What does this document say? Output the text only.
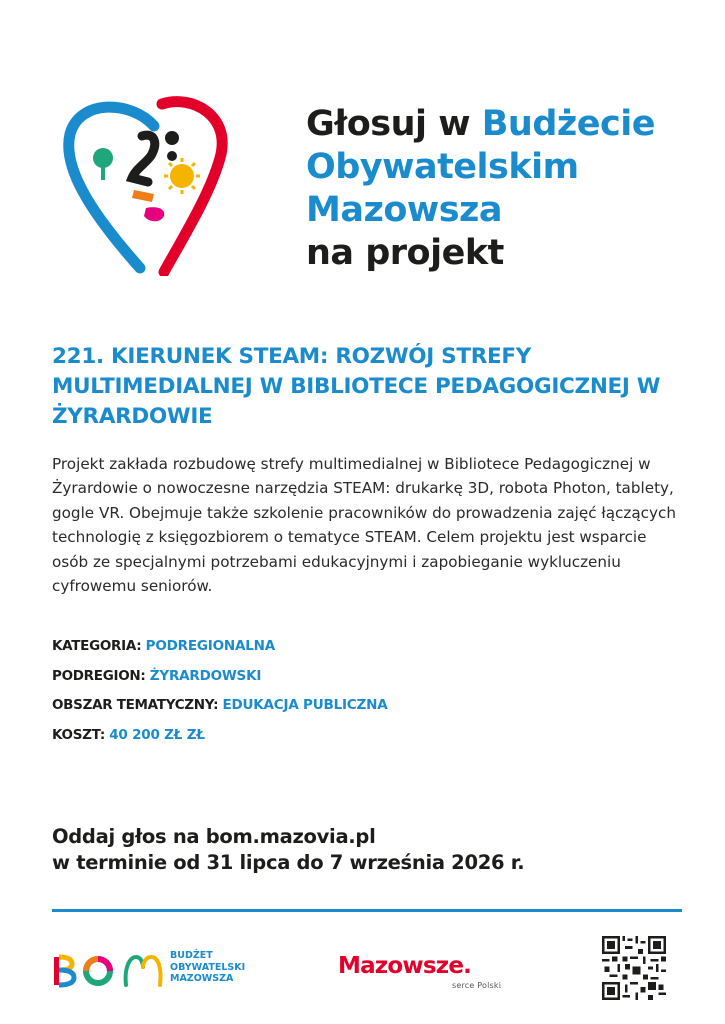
Głosuj w Budżecie
Obywatelskim
Mazowsza
na projekt
221. KIERUNEK STEAM: ROZWÓJ STREFY MULTIMEDIALNEJ W BIBLIOTECE PEDAGOGICZNEJ W ŻYRARDOWIE
Projekt zakłada rozbudowę strefy multimedialnej w Bibliotece Pedagogicznej w Żyrardowie o nowoczesne narzędzia STEAM: drukarkę 3D, robota Photon, tablety, gogle VR. Obejmuje także szkolenie pracowników do prowadzenia zajęć łączących technologię z księgozbiorem o tematyce STEAM. Celem projektu jest wsparcie osób ze specjalnymi potrzebami edukacyjnymi i zapobieganie wykluczeniu cyfrowemu seniorów.
KATEGORIA: PODREGIONALNA
PODREGION: ŻYRARDOWSKI
OBSZAR TEMATYCZNY: EDUKACJA PUBLICZNA
KOSZT: 40 200 ZŁ ZŁ
Oddaj głos na bom.mazovia.pl
w terminie od 31 lipca do 7 września 2026 r.
BUDŻET
OBYWATELSKI
MAZOWSZA	Mazowsze.
serce Polski
